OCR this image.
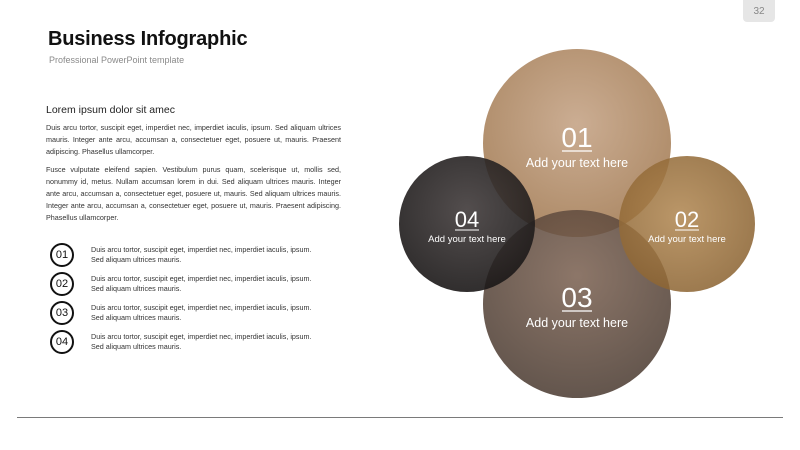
32
Business Infographic
Professional PowerPoint template
Lorem ipsum dolor sit amec

Duis arcu tortor, suscipit eget, imperdiet nec, imperdiet iaculis, ipsum. Sed aliquam ultrices mauris. Integer ante arcu, accumsan a, consectetuer eget, posuere ut, mauris. Praesent adipiscing. Phasellus ullamcorper.

Fusce vulputate eleifend sapien. Vestibulum purus quam, scelerisque ut, mollis sed, nonummy id, metus. Nullam accumsan lorem in dui. Sed aliquam ultrices mauris. Integer ante arcu, accumsan a, consectetuer eget, posuere ut, mauris. Sed aliquam ultrices mauris. Integer ante arcu, accumsan a, consectetuer eget, posuere ut, mauris. Praesent adipiscing. Phasellus ullamcorper.

01	Duis arcu tortor, suscipit eget, imperdiet nec, imperdiet iaculis, ipsum. Sed aliquam ultrices mauris.
02	Duis arcu tortor, suscipit eget, imperdiet nec, imperdiet iaculis, ipsum. Sed aliquam ultrices mauris.
03	Duis arcu tortor, suscipit eget, imperdiet nec, imperdiet iaculis, ipsum. Sed aliquam ultrices mauris.
04	Duis arcu tortor, suscipit eget, imperdiet nec, imperdiet iaculis, ipsum. Sed aliquam ultrices mauris.
01
Add your text here
02
Add your text here
03
Add your text here
04
Add your text here
